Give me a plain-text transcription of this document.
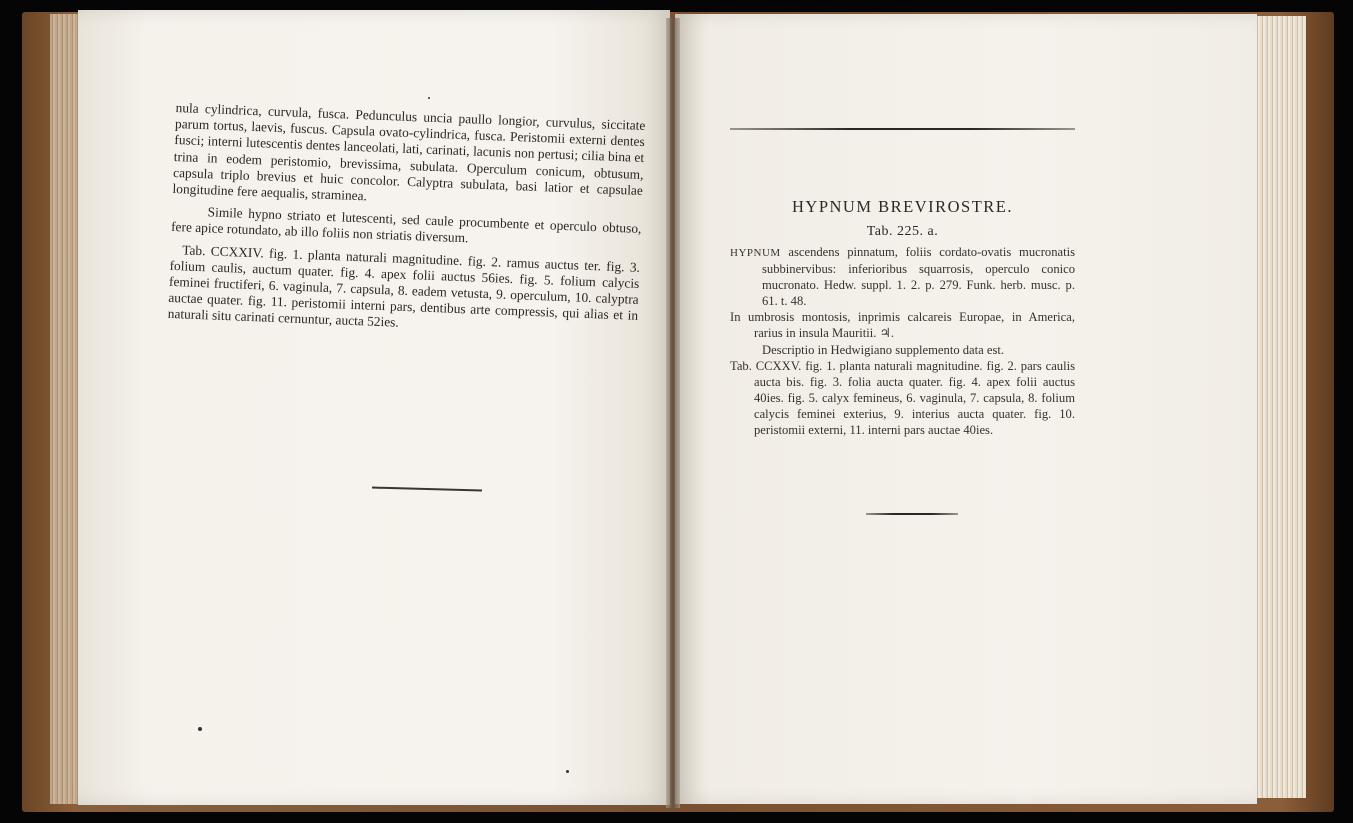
nula cylindrica, curvula, fusca. Pedunculus uncia paullo longior, curvulus, siccitate parum tortus, laevis, fuscus. Capsula ovato-cylindrica, fusca. Peristomii externi dentes fusci; interni lutescentis dentes lanceolati, lati, carinati, lacunis non pertusi; cilia bina et trina in eodem peristomio, brevissima, subulata. Operculum conicum, obtusum, capsula triplo brevius et huic concolor. Calyptra subulata, basi latior et capsulae longitudine fere aequalis, straminea.

Simile hypno striato et lutescenti, sed caule procumbente et operculo obtuso, fere apice rotundato, ab illo foliis non striatis diversum.

Tab. CCXXIV. fig. 1. planta naturali magnitudine. fig. 2. ramus auctus ter. fig. 3. folium caulis, auctum quater. fig. 4. apex folii auctus 56ies. fig. 5. folium calycis feminei fructiferi, 6. vaginula, 7. capsula, 8. eadem vetusta, 9. operculum, 10. calyptra auctae quater. fig. 11. peristomii interni pars, dentibus arte compressis, qui alias et in naturali situ carinati cernuntur, aucta 52ies.

HYPNUM BREVIROSTRE.
Tab. 225. a.

HYPNUM ascendens pinnatum, foliis cordato-ovatis mucronatis subbinervibus: inferioribus squarrosis, operculo conico mucronato. Hedw. suppl. 1. 2. p. 279. Funk. herb. musc. p. 61. t. 48.

In umbrosis montosis, inprimis calcareis Europae, in America, rarius in insula Mauritii. ♃.

Descriptio in Hedwigiano supplemento data est.

Tab. CCXXV. fig. 1. planta naturali magnitudine. fig. 2. pars caulis aucta bis. fig. 3. folia aucta quater. fig. 4. apex folii auctus 40ies. fig. 5. calyx femineus, 6. vaginula, 7. capsula, 8. folium calycis feminei exterius, 9. interius aucta quater. fig. 10. peristomii externi, 11. interni pars auctae 40ies.
